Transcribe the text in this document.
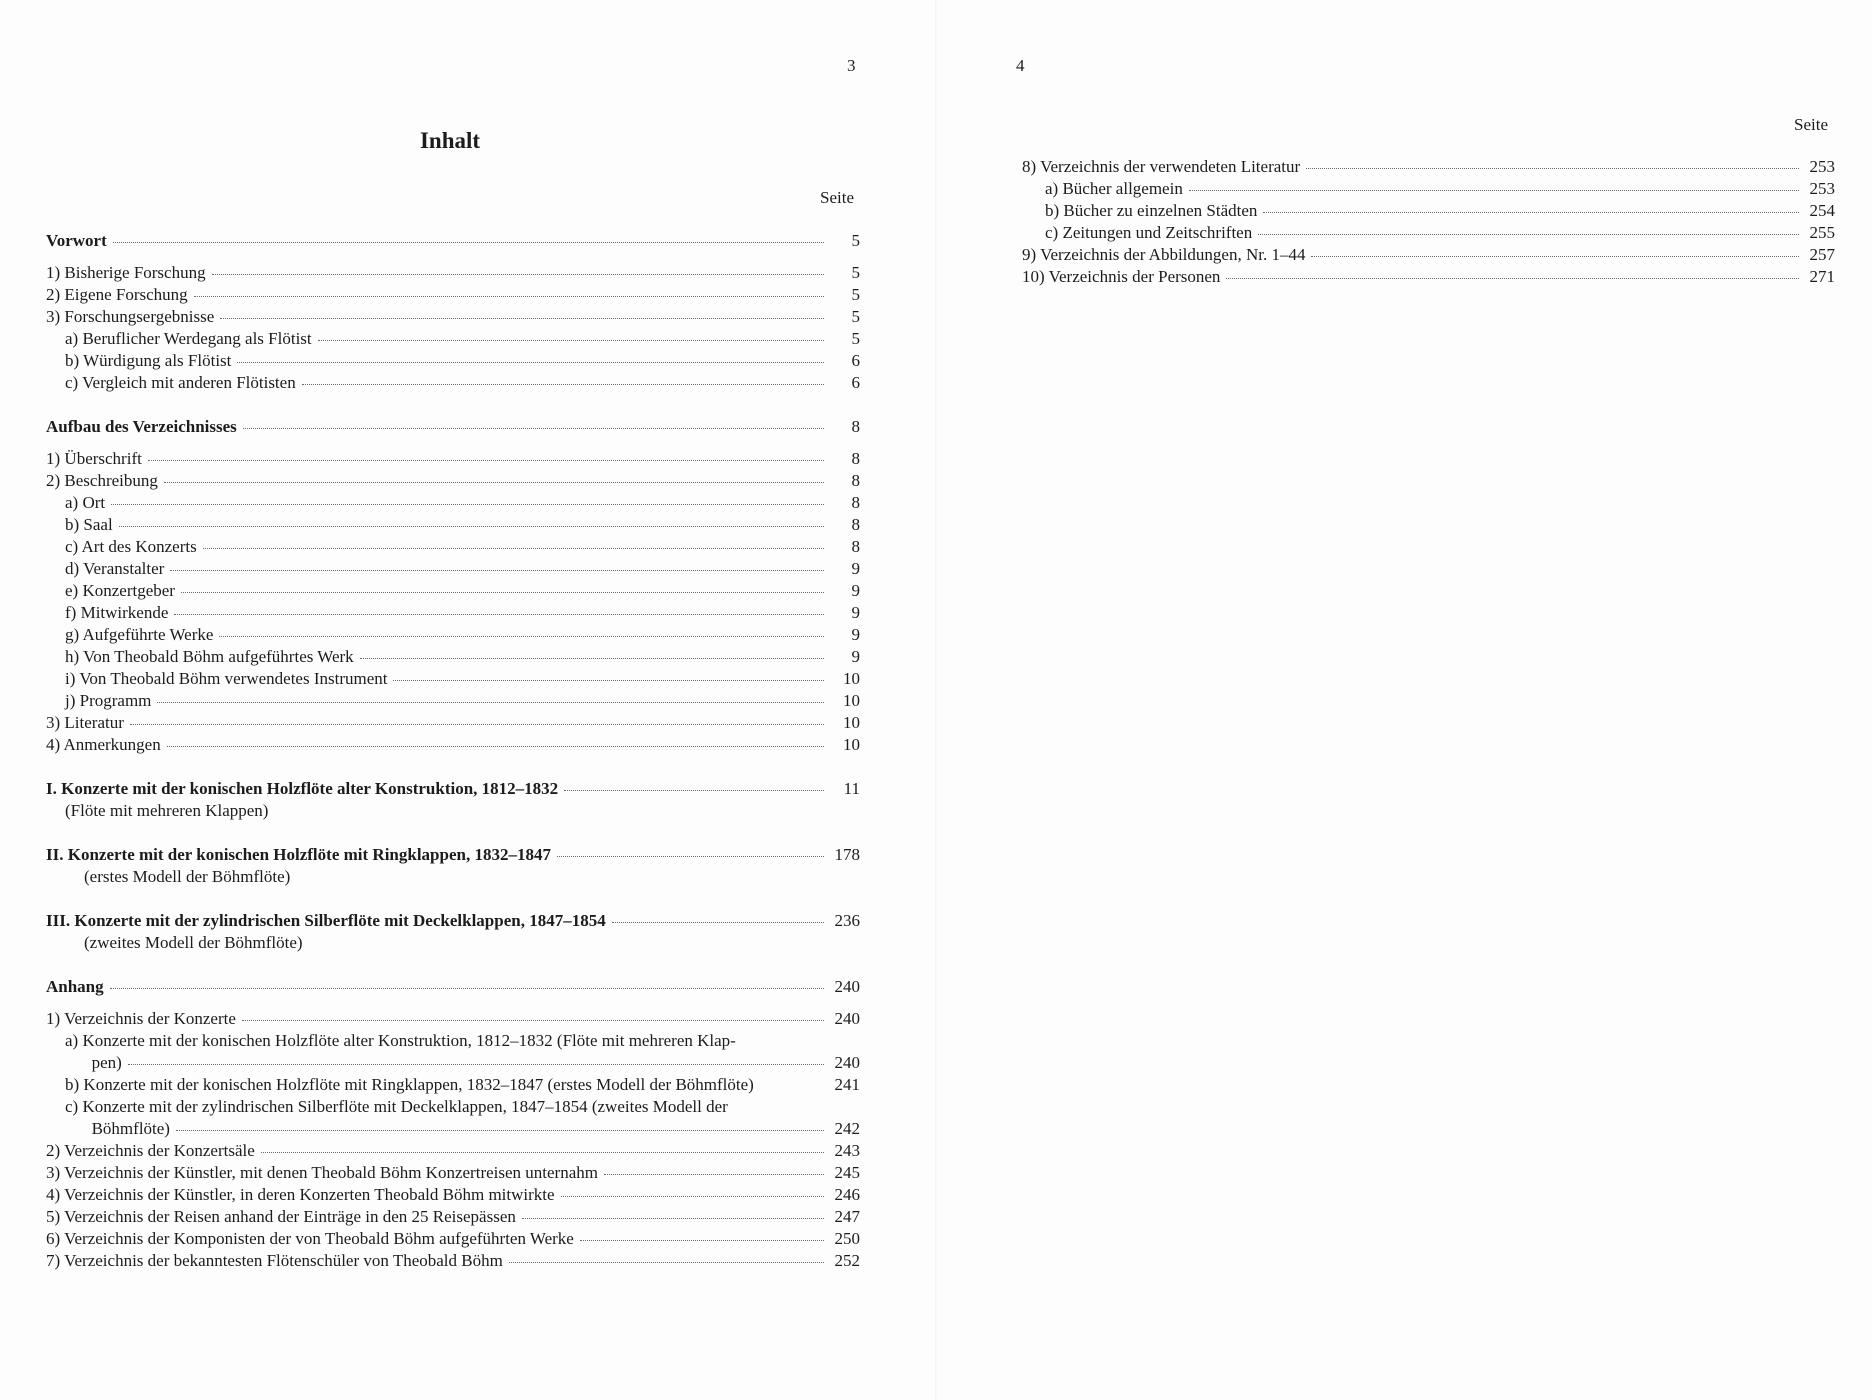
3	4
Inhalt
Seite
Seite
Vorwort	5
1) Bisherige Forschung	5
2) Eigene Forschung	5
3) Forschungsergebnisse	5
a) Beruflicher Werdegang als Flötist	5
b) Würdigung als Flötist	6
c) Vergleich mit anderen Flötisten	6
Aufbau des Verzeichnisses	8
1) Überschrift	8
2) Beschreibung	8
a) Ort	8
b) Saal	8
c) Art des Konzerts	8
d) Veranstalter	9
e) Konzertgeber	9
f) Mitwirkende	9
g) Aufgeführte Werke	9
h) Von Theobald Böhm aufgeführtes Werk	9
i) Von Theobald Böhm verwendetes Instrument	10
j) Programm	10
3) Literatur	10
4) Anmerkungen	10
I. Konzerte mit der konischen Holzflöte alter Konstruktion, 1812–1832	11
(Flöte mit mehreren Klappen)
II. Konzerte mit der konischen Holzflöte mit Ringklappen, 1832–1847	178
(erstes Modell der Böhmflöte)
III. Konzerte mit der zylindrischen Silberflöte mit Deckelklappen, 1847–1854	236
(zweites Modell der Böhmflöte)
Anhang	240
1) Verzeichnis der Konzerte	240
a) Konzerte mit der konischen Holzflöte alter Konstruktion, 1812–1832 (Flöte mit mehreren Klap-
pen)	240
b) Konzerte mit der konischen Holzflöte mit Ringklappen, 1832–1847 (erstes Modell der Böhmflöte)	241
c) Konzerte mit der zylindrischen Silberflöte mit Deckelklappen, 1847–1854 (zweites Modell der
Böhmflöte)	242
2) Verzeichnis der Konzertsäle	243
3) Verzeichnis der Künstler, mit denen Theobald Böhm Konzertreisen unternahm	245
4) Verzeichnis der Künstler, in deren Konzerten Theobald Böhm mitwirkte	246
5) Verzeichnis der Reisen anhand der Einträge in den 25 Reisepässen	247
6) Verzeichnis der Komponisten der von Theobald Böhm aufgeführten Werke	250
7) Verzeichnis der bekanntesten Flötenschüler von Theobald Böhm	252
8) Verzeichnis der verwendeten Literatur	253
a) Bücher allgemein	253
b) Bücher zu einzelnen Städten	254
c) Zeitungen und Zeitschriften	255
9) Verzeichnis der Abbildungen, Nr. 1–44	257
10) Verzeichnis der Personen	271
